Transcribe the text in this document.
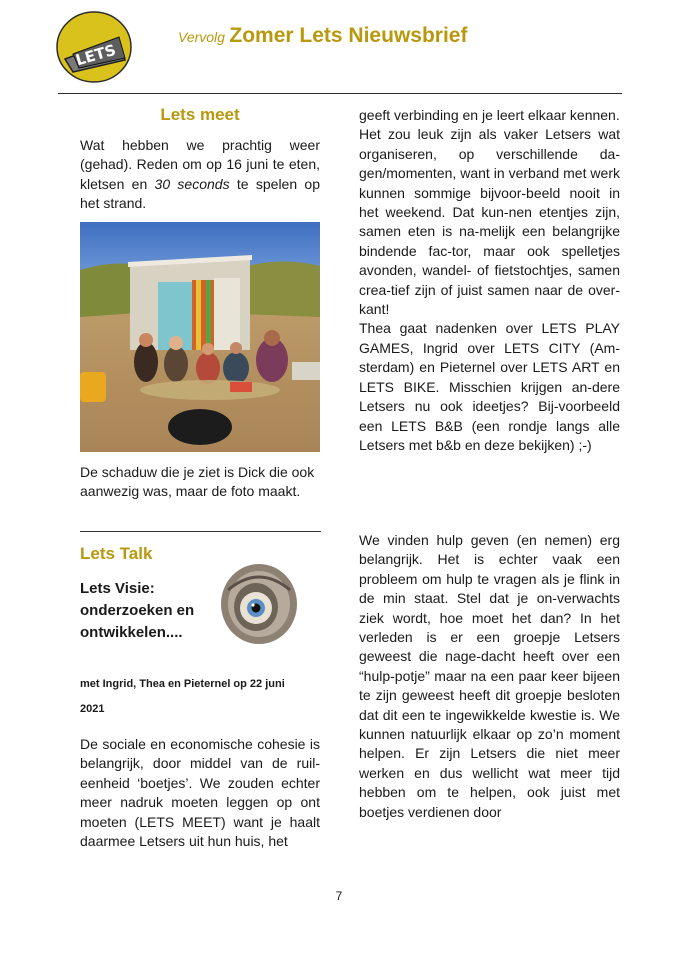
LETS
Vervolg Zomer Lets Nieuwsbrief
Lets meet
Wat hebben we prachtig weer (gehad). Reden om op 16 juni te eten, kletsen en 30 seconds te spelen op het strand.
De schaduw die je ziet is Dick die ook aanwezig was, maar de foto maakt.
Lets Talk
Lets Visie:
onderzoeken en
ontwikkelen....
met Ingrid, Thea en Pieternel op 22 juni
2021
De sociale en economische cohesie is belangrijk, door middel van de ruil-eenheid ‘boetjes’. We zouden echter meer nadruk moeten leggen op ont moeten (LETS MEET) want je haalt daarmee Letsers uit hun huis, het

geeft verbinding en je leert elkaar kennen.

Het zou leuk zijn als vaker Letsers wat organiseren, op verschillende da-gen/momenten, want in verband met werk kunnen sommige bijvoor-beeld nooit in het weekend. Dat kun-nen etentjes zijn, samen eten is na-melijk een belangrijke bindende fac-tor, maar ook spelletjes avonden, wandel- of fietstochtjes, samen crea-tief zijn of juist samen naar de over-kant!

Thea gaat nadenken over LETS PLAY GAMES, Ingrid over LETS CITY (Am-sterdam) en Pieternel over LETS ART en LETS BIKE. Misschien krijgen an-dere Letsers nu ook ideetjes? Bij-voorbeeld een LETS B&B (een rondje langs alle Letsers met b&b en deze bekijken) ;-)

We vinden hulp geven (en nemen) erg belangrijk. Het is echter vaak een probleem om hulp te vragen als je flink in de min staat. Stel dat je on-verwachts ziek wordt, hoe moet het dan? In het verleden is er een groepje Letsers geweest die nage-dacht heeft over een “hulp-potje” maar na een paar keer bijeen te zijn geweest heeft dit groepje besloten dat dit een te ingewikkelde kwestie is. We kunnen natuurlijk elkaar op zo’n moment helpen. Er zijn Letsers die niet meer werken en dus wellicht wat meer tijd hebben om te helpen, ook juist met boetjes verdienen door

7
